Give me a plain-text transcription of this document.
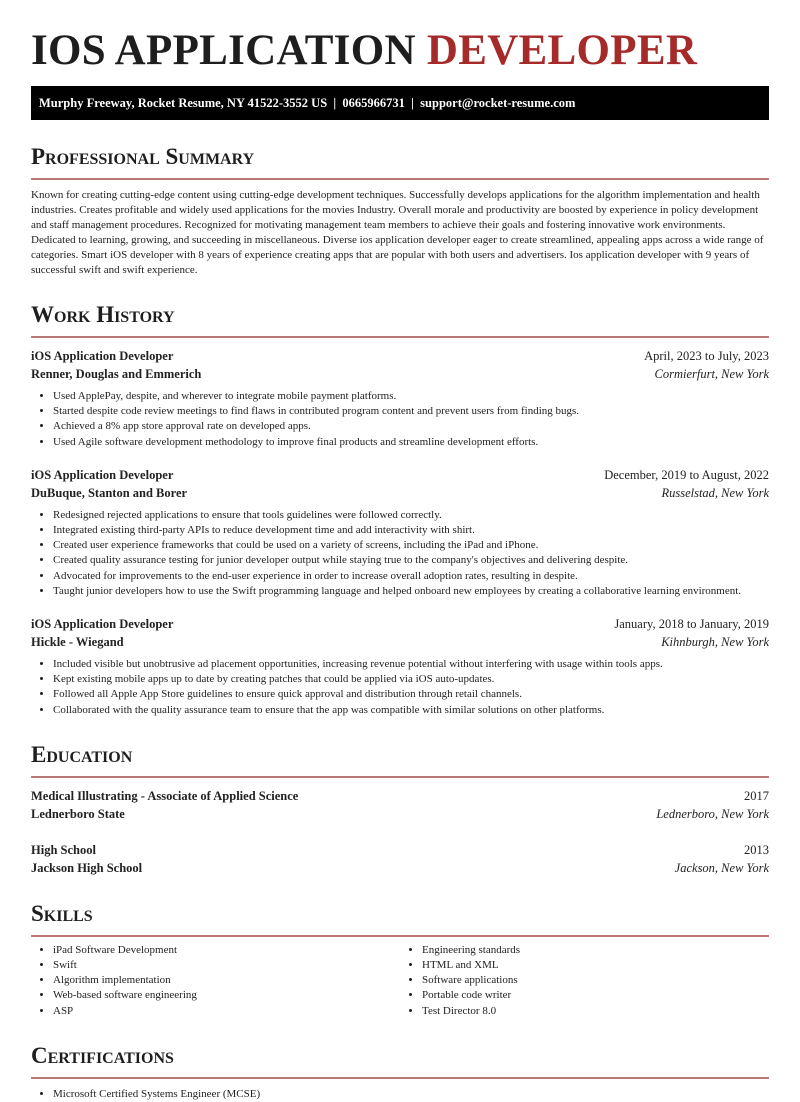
IOS APPLICATION DEVELOPER
Murphy Freeway, Rocket Resume, NY 41522-3552 US  |  0665966731  |  support@rocket-resume.com
Professional Summary

Known for creating cutting-edge content using cutting-edge development techniques. Successfully develops applications for the algorithm implementation and health industries. Creates profitable and widely used applications for the movies Industry. Overall morale and productivity are boosted by experience in policy development and staff management procedures. Recognized for motivating management team members to achieve their goals and fostering innovative work environments. Dedicated to learning, growing, and succeeding in miscellaneous. Diverse ios application developer eager to create streamlined, appealing apps across a wide range of categories. Smart iOS developer with 8 years of experience creating apps that are popular with both users and advertisers. Ios application developer with 9 years of successful swift and swift experience.

Work History
iOS Application Developer	April, 2023 to July, 2023
Renner, Douglas and Emmerich	Cormierfurt, New York
• Used ApplePay, despite, and wherever to integrate mobile payment platforms.
• Started despite code review meetings to find flaws in contributed program content and prevent users from finding bugs.
• Achieved a 8% app store approval rate on developed apps.
• Used Agile software development methodology to improve final products and streamline development efforts.
iOS Application Developer	December, 2019 to August, 2022
DuBuque, Stanton and Borer	Russelstad, New York
• Redesigned rejected applications to ensure that tools guidelines were followed correctly.
• Integrated existing third-party APIs to reduce development time and add interactivity with shirt.
• Created user experience frameworks that could be used on a variety of screens, including the iPad and iPhone.
• Created quality assurance testing for junior developer output while staying true to the company's objectives and delivering despite.
• Advocated for improvements to the end-user experience in order to increase overall adoption rates, resulting in despite.
• Taught junior developers how to use the Swift programming language and helped onboard new employees by creating a collaborative learning environment.
iOS Application Developer	January, 2018 to January, 2019
Hickle - Wiegand	Kihnburgh, New York
• Included visible but unobtrusive ad placement opportunities, increasing revenue potential without interfering with usage within tools apps.
• Kept existing mobile apps up to date by creating patches that could be applied via iOS auto-updates.
• Followed all Apple App Store guidelines to ensure quick approval and distribution through retail channels.
• Collaborated with the quality assurance team to ensure that the app was compatible with similar solutions on other platforms.
Education
Medical Illustrating - Associate of Applied Science	2017
Lednerboro State	Lednerboro, New York
High School	2013
Jackson High School	Jackson, New York
Skills
• iPad Software Development
• Swift
• Algorithm implementation
• Web-based software engineering
• ASP
• Engineering standards
• HTML and XML
• Software applications
• Portable code writer
• Test Director 8.0
Certifications
• Microsoft Certified Systems Engineer (MCSE)
